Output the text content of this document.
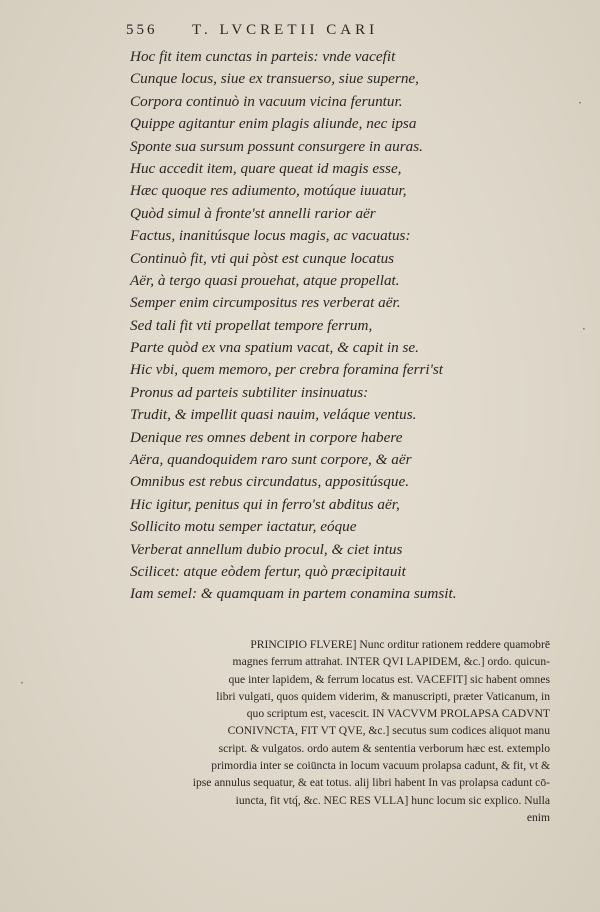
556 T. LVCRETII CARI
Hoc fit item cunctas in parteis: vnde vacefit
Cunque locus, siue ex transuerso, siue superne,
Corpora continuò in vacuum vicina feruntur.
Quippe agitantur enim plagis aliunde, nec ipsa
Sponte sua sursum possunt consurgere in auras.
Huc accedit item, quare queat id magis esse,
Hæc quoque res adiumento, motúque iuuatur,
Quòd simul à fronte'st annelli rarior aër
Factus, inanitúsque locus magis, ac vacuatus:
Continuò fit, vti qui pòst est cunque locatus
Aër, à tergo quasi prouehat, atque propellat.
Semper enim circumpositus res verberat aër.
Sed tali fit vti propellat tempore ferrum,
Parte quòd ex vna spatium vacat, & capit in se.
Hic vbi, quem memoro, per crebra foramina ferri'st
Pronus ad parteis subtiliter insinuatus:
Trudit, & impellit quasi nauim, veláque ventus.
Denique res omnes debent in corpore habere
Aëra, quandoquidem raro sunt corpore, & aër
Omnibus est rebus circundatus, appositúsque.
Hic igitur, penitus qui in ferro'st abditus aër,
Sollicito motu semper iactatur, eóque
Verberat annellum dubio procul, & ciet intus
Scilicet: atque eòdem fertur, quò præcipitauit
Iam semel: & quamquam in partem conamina sumsit.
PRINCIPIO FLVERE] Nunc orditur rationem reddere quamobrē
magnes ferrum attrahat. INTER QVI LAPIDEM, &c.] ordo. quicun-
que inter lapidem, & ferrum locatus est. VACEFIT] sic habent omnes
libri vulgati, quos quidem viderim, & manuscripti, præter Vaticanum, in
quo scriptum est, vacescit. IN VACVVM PROLAPSA CADVNT
CONIVNCTA, FIT VT QVE, &c.] secutus sum codices aliquot manu
script. & vulgatos. ordo autem & sententia verborum hæc est. extemplo
primordia inter se coiūncta in locum vacuum prolapsa cadunt, & fit, vt &
ipse annulus sequatur, & eat totus. alij libri habent In vas prolapsa cadunt cō-
iuncta, fit vtq́, &c. NEC RES VLLA] hunc locum sic explico. Nulla
enim
·
·
·
